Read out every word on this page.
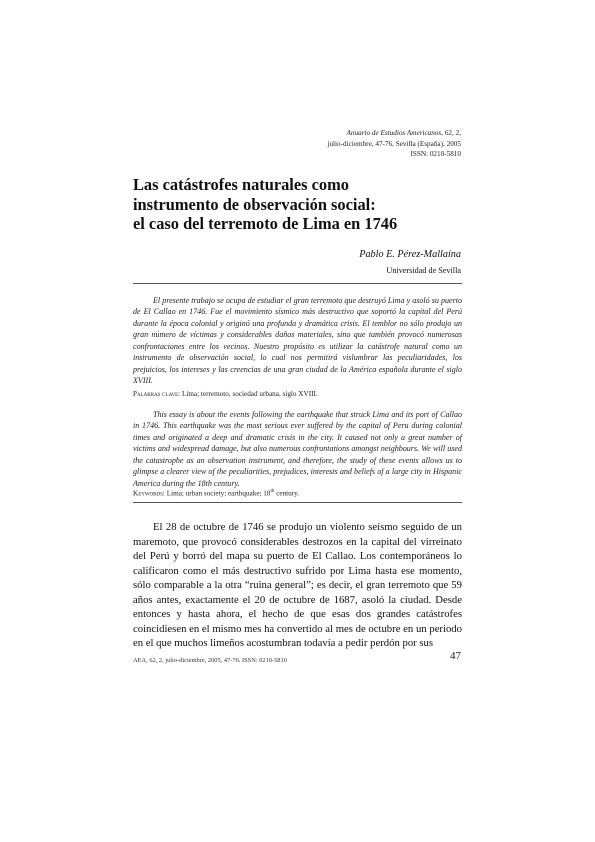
Anuario de Estudios Americanos, 62, 2,
julio-diciembre, 47-76, Sevilla (España), 2005
ISSN: 0210-5810
Las catástrofes naturales como
instrumento de observación social:
el caso del terremoto de Lima en 1746
Pablo E. Pérez-Mallaína
Universidad de Sevilla

El presente trabajo se ocupa de estudiar el gran terremoto que destruyó Lima y asoló su puerto de El Callao en 1746. Fue el movimiento sísmico más destructivo que soportó la capital del Perú durante la época colonial y originó una profunda y dramática crisis. El temblor no sólo produjo un gran número de víctimas y considerables daños materiales, sino que también provocó numerosas confrontaciones entre los vecinos. Nuestro propósito es utilizar la catástrofe natural como un instrumento de observación social, lo cual nos permitirá vislumbrar las peculiaridades, los prejuicios, los intereses y las creencias de una gran ciudad de la América española durante el siglo XVIII.

Palabras clave: Lima; terremoto, sociedad urbana, siglo XVIII.

This essay is about the events following the earthquake that struck Lima and its port of Callao in 1746. This earthquake was the most serious ever suffered by the capital of Peru during colonial times and originated a deep and dramatic crisis in the city. It caused not only a great number of victims and widespread damage, but also numerous confrontations amongst neighbours. We will used the catastrophe as an observation instrument, and therefore, the study of these events allows us to glimpse a clearer view of the peculiarities, prejudices, interests and beliefs of a large city in Hispanic America during the 18th century.

Keywords: Lima; urban society; earthquake; 18th century.

El 28 de octubre de 1746 se produjo un violento seísmo seguido de un maremoto, que provocó considerables destrozos en la capital del virreinato del Perú y borró del mapa su puerto de El Callao. Los contemporáneos lo calificaron como el más destructivo sufrido por Lima hasta ese momento, sólo comparable a la otra “ruina general”; es decir, el gran terremoto que 59 años antes, exactamente el 20 de octubre de 1687, asoló la ciudad. Desde entonces y hasta ahora, el hecho de que esas dos grandes catástrofes coincidiesen en el mismo mes ha convertido al mes de octubre en un periodo en el que muchos limeños acostumbran todavía a pedir perdón por sus

AEA, 62, 2, julio-diciembre, 2005, 47-76. ISSN: 0210-5810	47
